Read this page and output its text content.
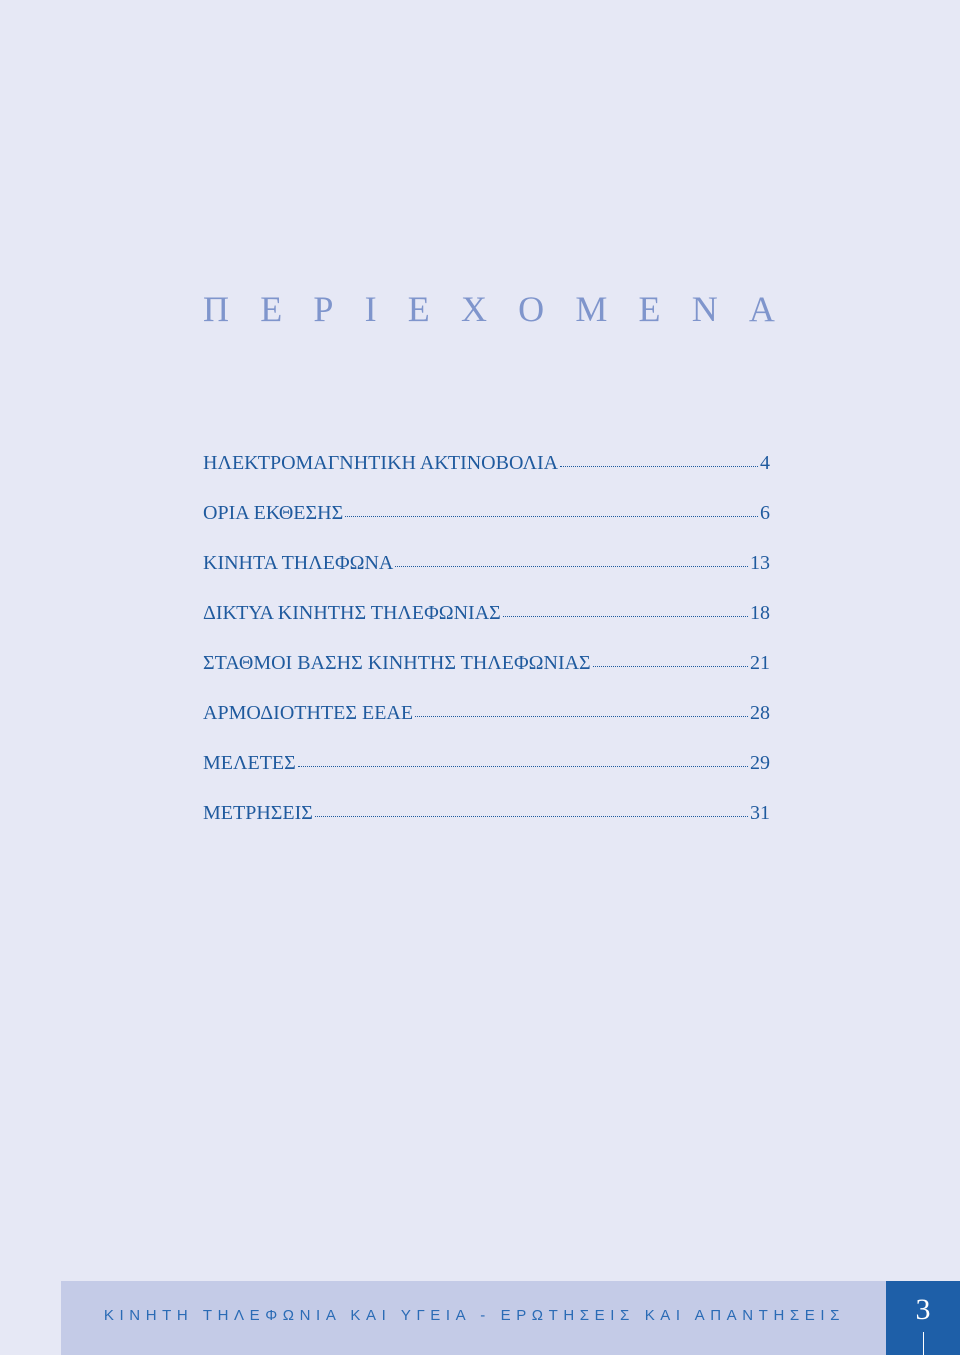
Π Ε Ρ Ι Ε Χ Ο Μ Ε Ν Α
ΗΛΕΚΤΡΟΜΑΓΝΗΤΙΚΗ ΑΚΤΙΝΟΒΟΛΙΑ	4
ΟΡΙΑ ΕΚΘΕΣΗΣ	6
ΚΙΝΗΤΑ ΤΗΛΕΦΩΝΑ	13
ΔΙΚΤΥΑ ΚΙΝΗΤΗΣ ΤΗΛΕΦΩΝΙΑΣ	18
ΣΤΑΘΜΟΙ ΒΑΣΗΣ ΚΙΝΗΤΗΣ ΤΗΛΕΦΩΝΙΑΣ	21
ΑΡΜΟΔΙΟΤΗΤΕΣ ΕΕΑΕ	28
ΜΕΛΕΤΕΣ	29
ΜΕΤΡΗΣΕΙΣ	31
ΚΙΝΗΤΗ ΤΗΛΕΦΩΝΙΑ ΚΑΙ ΥΓΕΙΑ - ΕΡΩΤΗΣΕΙΣ ΚΑΙ ΑΠΑΝΤΗΣΕΙΣ	3
